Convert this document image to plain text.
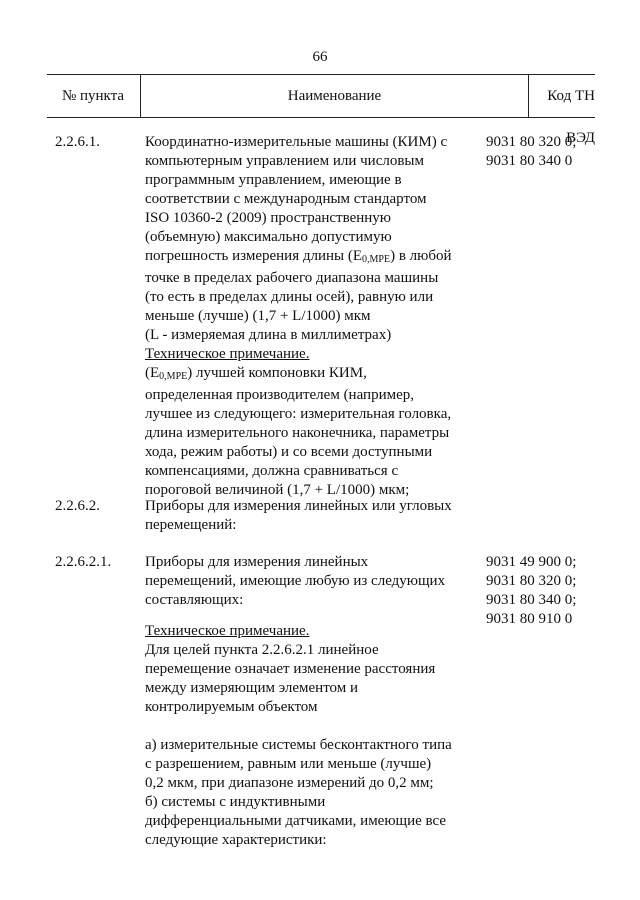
66
№ пункта	Наименование	Код ТН ВЭД
2.2.6.1.	Координатно-измерительные машины (КИМ) с
компьютерным управлением или числовым
программным управлением, имеющие в
соответствии с международным стандартом
ISO 10360-2 (2009) пространственную
(объемную) максимально допустимую
погрешность измерения длины $(E_{0,MPE})$ в любой
точке в пределах рабочего диапазона машины
(то есть в пределах длины осей), равную или
меньше (лучше) (1,7 + L/1000) мкм
(L - измеряемая длина в миллиметрах)
Техническое примечание.
$(E_{0,MPE})$ лучшей компоновки КИМ,
определенная производителем (например,
лучшее из следующего: измерительная головка,
длина измерительного наконечника, параметры
хода, режим работы) и со всеми доступными
компенсациями, должна сравниваться с
пороговой величиной (1,7 + L/1000) мкм;
9031 80 320 0;
9031 80 340 0
2.2.6.2.	Приборы для измерения линейных или угловых
перемещений:
2.2.6.2.1. Приборы для измерения линейных
перемещений, имеющие любую из следующих
составляющих:
Техническое примечание.
Для целей пункта 2.2.6.2.1 линейное
перемещение означает изменение расстояния
между измеряющим элементом и
контролируемым объектом
а) измерительные системы бесконтактного типа
с разрешением, равным или меньше (лучше)
0,2 мкм, при диапазоне измерений до 0,2 мм;
б) системы с индуктивными
дифференциальными датчиками, имеющие все
следующие характеристики:
9031 49 900 0;
9031 80 320 0;
9031 80 340 0;
9031 80 910 0
